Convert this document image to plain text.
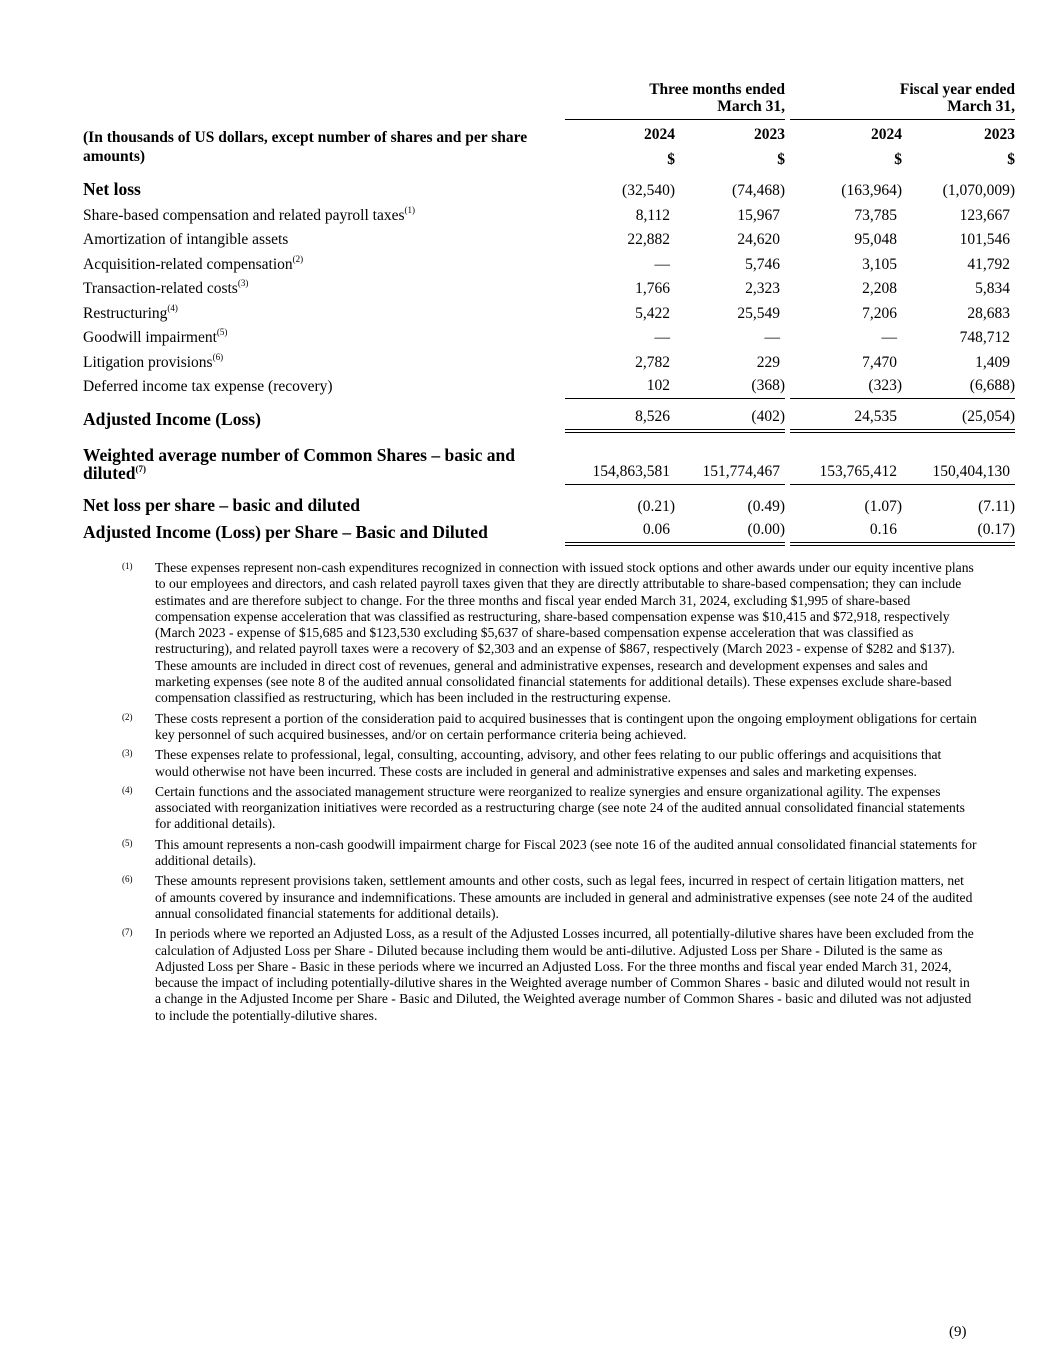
	Three months ended
March 31,			Fiscal year ended
March 31,	
(In thousands of US dollars, except number of shares and per share amounts)	2024	2023		2024	2023
	$	$		$	$
Net loss	(32,540)	(74,468)		(163,964)	(1,070,009)
Share-based compensation and related payroll taxes$^{(1)}$	8,112	15,967		73,785	123,667
Amortization of intangible assets	22,882	24,620		95,048	101,546
Acquisition-related compensation$^{(2)}$	—	5,746		3,105	41,792
Transaction-related costs$^{(3)}$	1,766	2,323		2,208	5,834
Restructuring$^{(4)}$	5,422	25,549		7,206	28,683
Goodwill impairment$^{(5)}$	—	—		—	748,712
Litigation provisions$^{(6)}$	2,782	229		7,470	1,409
Deferred income tax expense (recovery)	102	(368)		(323)	(6,688)
Adjusted Income (Loss)	8,526	(402)		24,535	(25,054)
Weighted average number of Common Shares – basic and diluted$^{(7)}$	154,863,581	151,774,467		153,765,412	150,404,130
Net loss per share – basic and diluted	(0.21)	(0.49)		(1.07)	(7.11)
Adjusted Income (Loss) per Share – Basic and Diluted	0.06	(0.00)		0.16	(0.17)
(1)	These expenses represent non-cash expenditures recognized in connection with issued stock options and other awards under our equity incentive plans to our employees and directors, and cash related payroll taxes given that they are directly attributable to share-based compensation; they can include estimates and are therefore subject to change. For the three months and fiscal year ended March 31, 2024, excluding $1,995 of share-based compensation expense acceleration that was classified as restructuring, share-based compensation expense was $10,415 and $72,918, respectively (March 2023 - expense of $15,685 and $123,530 excluding $5,637 of share-based compensation expense acceleration that was classified as restructuring), and related payroll taxes were a recovery of $2,303 and an expense of $867, respectively (March 2023 - expense of $282 and $137). These amounts are included in direct cost of revenues, general and administrative expenses, research and development expenses and sales and marketing expenses (see note 8 of the audited annual consolidated financial statements for additional details). These expenses exclude share-based compensation classified as restructuring, which has been included in the restructuring expense.
(2)	These costs represent a portion of the consideration paid to acquired businesses that is contingent upon the ongoing employment obligations for certain key personnel of such acquired businesses, and/or on certain performance criteria being achieved.
(3)	These expenses relate to professional, legal, consulting, accounting, advisory, and other fees relating to our public offerings and acquisitions that would otherwise not have been incurred. These costs are included in general and administrative expenses and sales and marketing expenses.
(4)	Certain functions and the associated management structure were reorganized to realize synergies and ensure organizational agility. The expenses associated with reorganization initiatives were recorded as a restructuring charge (see note 24 of the audited annual consolidated financial statements for additional details).
(5)	This amount represents a non-cash goodwill impairment charge for Fiscal 2023 (see note 16 of the audited annual consolidated financial statements for additional details).
(6)	These amounts represent provisions taken, settlement amounts and other costs, such as legal fees, incurred in respect of certain litigation matters, net of amounts covered by insurance and indemnifications. These amounts are included in general and administrative expenses (see note 24 of the audited annual consolidated financial statements for additional details).
(7)	In periods where we reported an Adjusted Loss, as a result of the Adjusted Losses incurred, all potentially-dilutive shares have been excluded from the calculation of Adjusted Loss per Share - Diluted because including them would be anti-dilutive. Adjusted Loss per Share - Diluted is the same as Adjusted Loss per Share - Basic in these periods where we incurred an Adjusted Loss. For the three months and fiscal year ended March 31, 2024, because the impact of including potentially-dilutive shares in the Weighted average number of Common Shares - basic and diluted would not result in a change in the Adjusted Income per Share - Basic and Diluted, the Weighted average number of Common Shares - basic and diluted was not adjusted to include the potentially-dilutive shares.
(9)
